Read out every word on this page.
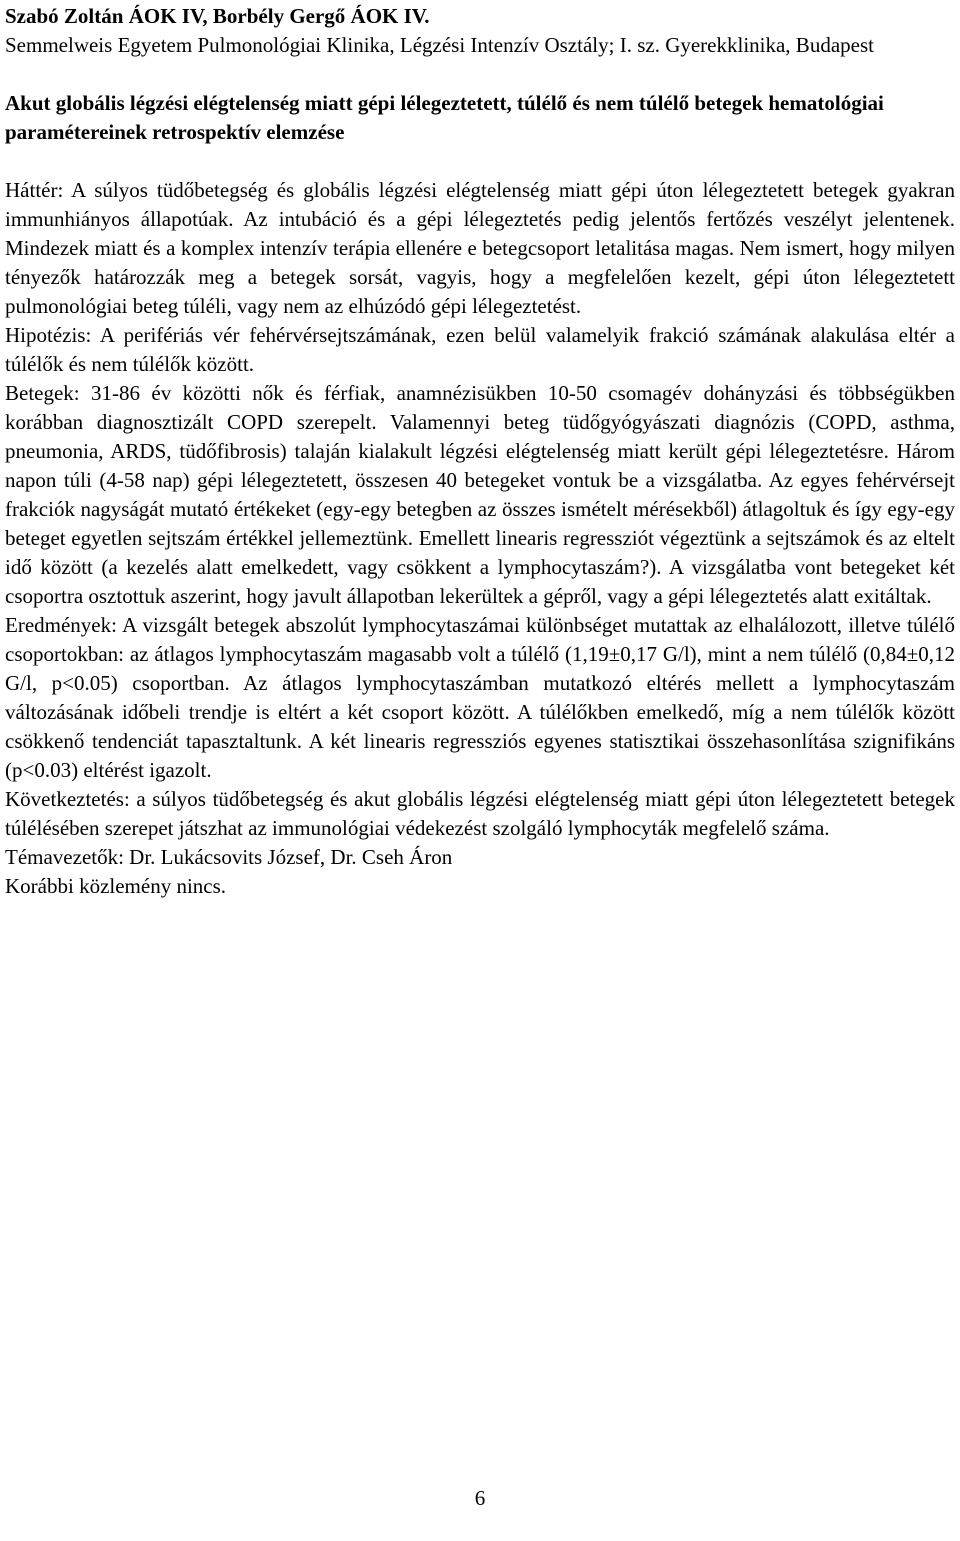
Szabó Zoltán ÁOK IV, Borbély Gergő ÁOK IV.
Semmelweis Egyetem Pulmonológiai Klinika, Légzési Intenzív Osztály; I. sz. Gyerekklinika, Budapest
Akut globális légzési elégtelenség miatt gépi lélegeztetett, túlélő és nem túlélő betegek hematológiai paramétereinek retrospektív elemzése

Háttér: A súlyos tüdőbetegség és globális légzési elégtelenség miatt gépi úton lélegeztetett betegek gyakran immunhiányos állapotúak. Az intubáció és a gépi lélegeztetés pedig jelentős fertőzés veszélyt jelentenek. Mindezek miatt és a komplex intenzív terápia ellenére e betegcsoport letalitása magas. Nem ismert, hogy milyen tényezők határozzák meg a betegek sorsát, vagyis, hogy a megfelelően kezelt, gépi úton lélegeztetett pulmonológiai beteg túléli, vagy nem az elhúzódó gépi lélegeztetést.

Hipotézis: A perifériás vér fehérvérsejtszámának, ezen belül valamelyik frakció számának alakulása eltér a túlélők és nem túlélők között.

Betegek: 31-86 év közötti nők és férfiak, anamnézisükben 10-50 csomagév dohányzási és többségükben korábban diagnosztizált COPD szerepelt. Valamennyi beteg tüdőgyógyászati diagnózis (COPD, asthma, pneumonia, ARDS, tüdőfibrosis) talaján kialakult légzési elégtelenség miatt került gépi lélegeztetésre. Három napon túli (4-58 nap) gépi lélegeztetett, összesen 40 betegeket vontuk be a vizsgálatba. Az egyes fehérvérsejt frakciók nagyságát mutató értékeket (egy-egy betegben az összes ismételt mérésekből) átlagoltuk és így egy-egy beteget egyetlen sejtszám értékkel jellemeztünk. Emellett linearis regressziót végeztünk a sejtszámok és az eltelt idő között (a kezelés alatt emelkedett, vagy csökkent a lymphocytaszám?). A vizsgálatba vont betegeket két csoportra osztottuk aszerint, hogy javult állapotban lekerültek a gépről, vagy a gépi lélegeztetés alatt exitáltak.

Eredmények: A vizsgált betegek abszolút lymphocytaszámai különbséget mutattak az elhalálozott, illetve túlélő csoportokban: az átlagos lymphocytaszám magasabb volt a túlélő (1,19±0,17 G/l), mint a nem túlélő (0,84±0,12 G/l, p<0.05) csoportban. Az átlagos lymphocytaszámban mutatkozó eltérés mellett a lymphocytaszám változásának időbeli trendje is eltért a két csoport között. A túlélőkben emelkedő, míg a nem túlélők között csökkenő tendenciát tapasztaltunk. A két linearis regressziós egyenes statisztikai összehasonlítása szignifikáns (p<0.03) eltérést igazolt.

Következtetés: a súlyos tüdőbetegség és akut globális légzési elégtelenség miatt gépi úton lélegeztetett betegek túlélésében szerepet játszhat az immunológiai védekezést szolgáló lymphocyták megfelelő száma.

Témavezetők: Dr. Lukácsovits József, Dr. Cseh Áron

Korábbi közlemény nincs.

6
